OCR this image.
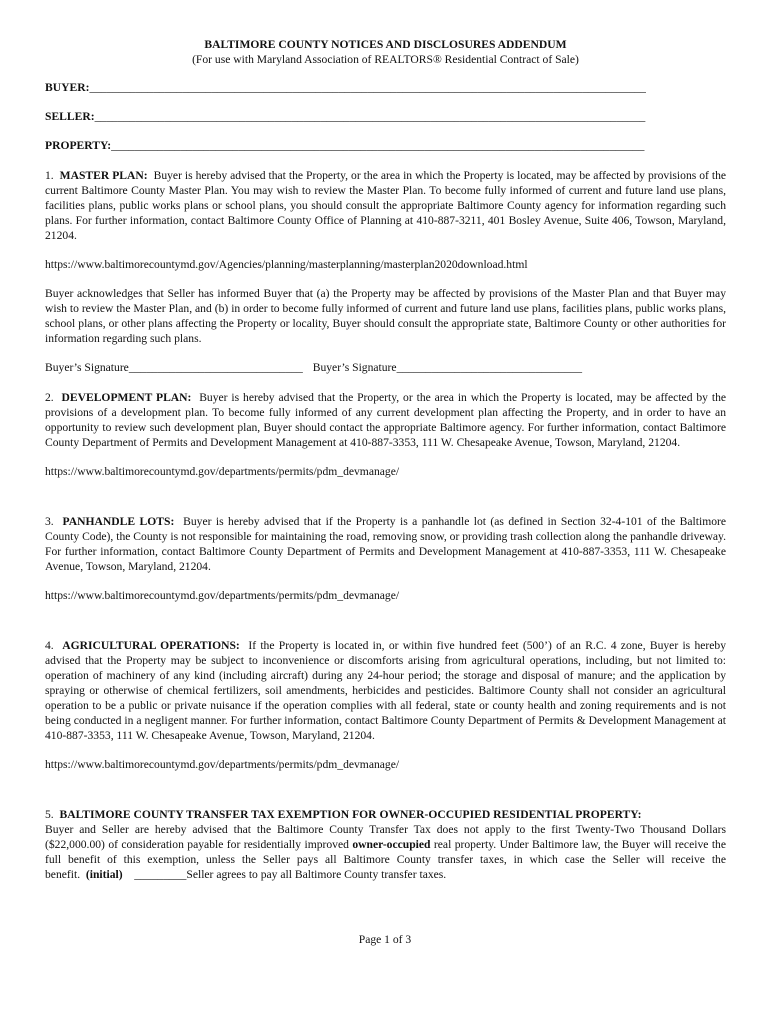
BALTIMORE COUNTY NOTICES AND DISCLOSURES ADDENDUM

(For use with Maryland Association of REALTORS® Residential Contract of Sale)

BUYER:________________________________________________________________________________________________
SELLER:_______________________________________________________________________________________________
PROPERTY:____________________________________________________________________________________________

1. MASTER PLAN: Buyer is hereby advised that the Property, or the area in which the Property is located, may be affected by provisions of the current Baltimore County Master Plan. You may wish to review the Master Plan. To become fully informed of current and future land use plans, facilities plans, public works plans or school plans, you should consult the appropriate Baltimore County agency for information regarding such plans. For further information, contact Baltimore County Office of Planning at 410-887-3211, 401 Bosley Avenue, Suite 406, Towson, Maryland, 21204.

https://www.baltimorecountymd.gov/Agencies/planning/masterplanning/masterplan2020download.html

Buyer acknowledges that Seller has informed Buyer that (a) the Property may be affected by provisions of the Master Plan and that Buyer may wish to review the Master Plan, and (b) in order to become fully informed of current and future land use plans, facilities plans, public works plans, school plans, or other plans affecting the Property or locality, Buyer should consult the appropriate state, Baltimore County or other authorities for information regarding such plans.

Buyer’s Signature______________________________ Buyer’s Signature________________________________

2. DEVELOPMENT PLAN: Buyer is hereby advised that the Property, or the area in which the Property is located, may be affected by the provisions of a development plan. To become fully informed of any current development plan affecting the Property, and in order to have an opportunity to review such development plan, Buyer should contact the appropriate Baltimore agency. For further information, contact Baltimore County Department of Permits and Development Management at 410-887-3353, 111 W. Chesapeake Avenue, Towson, Maryland, 21204.

https://www.baltimorecountymd.gov/departments/permits/pdm_devmanage/

3. PANHANDLE LOTS: Buyer is hereby advised that if the Property is a panhandle lot (as defined in Section 32-4-101 of the Baltimore County Code), the County is not responsible for maintaining the road, removing snow, or providing trash collection along the panhandle driveway. For further information, contact Baltimore County Department of Permits and Development Management at 410-887-3353, 111 W. Chesapeake Avenue, Towson, Maryland, 21204.

https://www.baltimorecountymd.gov/departments/permits/pdm_devmanage/

4. AGRICULTURAL OPERATIONS: If the Property is located in, or within five hundred feet (500’) of an R.C. 4 zone, Buyer is hereby advised that the Property may be subject to inconvenience or discomforts arising from agricultural operations, including, but not limited to: operation of machinery of any kind (including aircraft) during any 24-hour period; the storage and disposal of manure; and the application by spraying or otherwise of chemical fertilizers, soil amendments, herbicides and pesticides. Baltimore County shall not consider an agricultural operation to be a public or private nuisance if the operation complies with all federal, state or county health and zoning requirements and is not being conducted in a negligent manner. For further information, contact Baltimore County Department of Permits & Development Management at 410-887-3353, 111 W. Chesapeake Avenue, Towson, Maryland, 21204.

https://www.baltimorecountymd.gov/departments/permits/pdm_devmanage/

5. BALTIMORE COUNTY TRANSFER TAX EXEMPTION FOR OWNER-OCCUPIED RESIDENTIAL PROPERTY:

Buyer and Seller are hereby advised that the Baltimore County Transfer Tax does not apply to the first Twenty-Two Thousand Dollars ($22,000.00) of consideration payable for residentially improved owner-occupied real property. Under Baltimore law, the Buyer will receive the full benefit of this exemption, unless the Seller pays all Baltimore County transfer taxes, in which case the Seller will receive the benefit. (initial) _________Seller agrees to pay all Baltimore County transfer taxes.

Page 1 of 3
